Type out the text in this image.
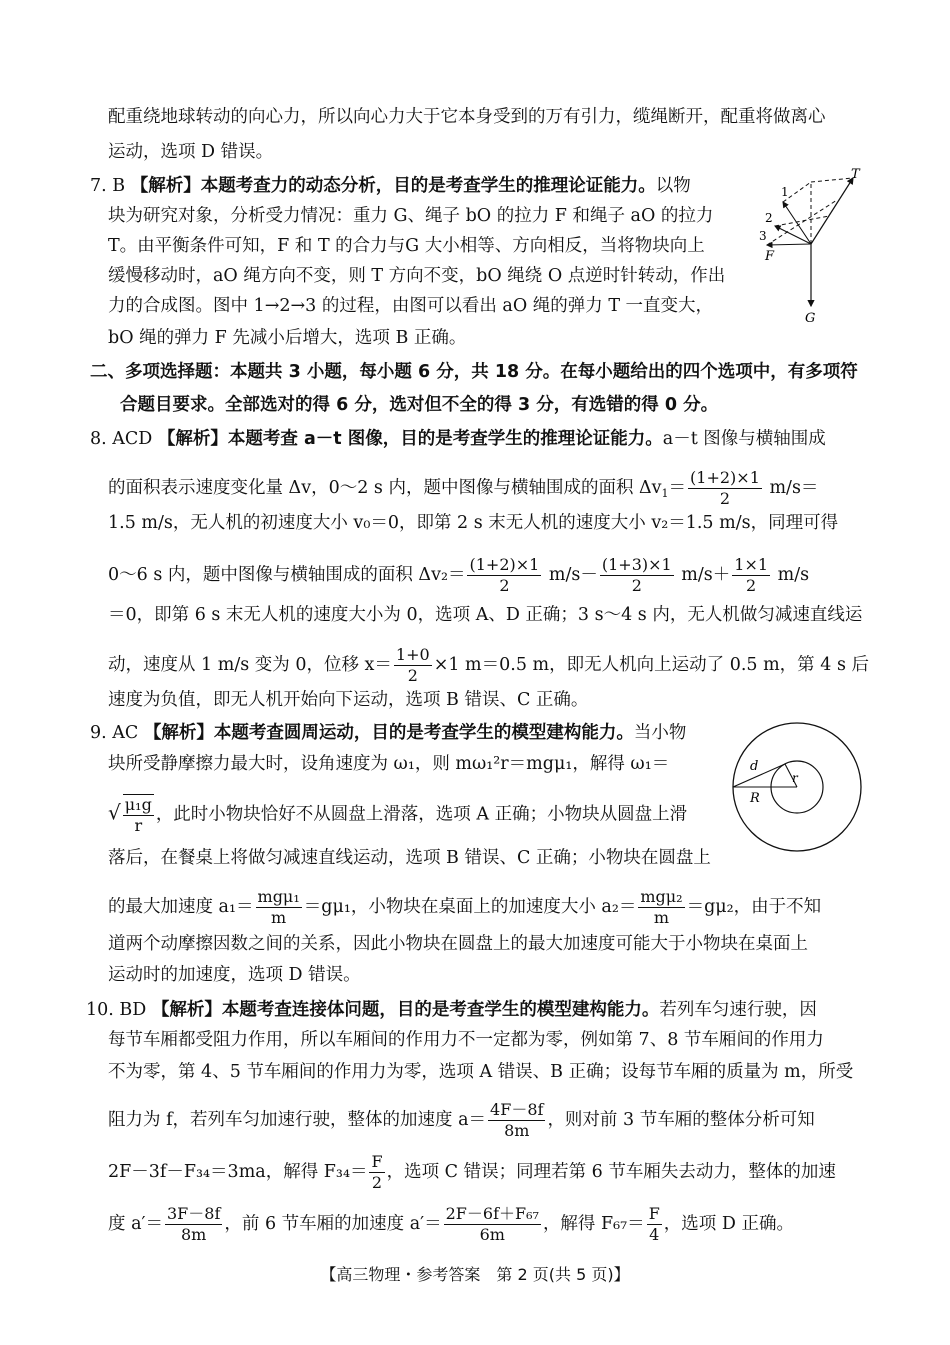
配重绕地球转动的向心力，所以向心力大于它本身受到的万有引力，缆绳断开，配重将做离心
运动，选项 D 错误。
7. B 【解析】本题考查力的动态分析，目的是考查学生的推理论证能力。以物
块为研究对象，分析受力情况：重力 G、绳子 bO 的拉力 F 和绳子 aO 的拉力
T。由平衡条件可知，F 和 T 的合力与G 大小相等、方向相反，当将物块向上
缓慢移动时，aO 绳方向不变，则 T 方向不变，bO 绳绕 O 点逆时针转动，作出
力的合成图。图中 1→2→3 的过程，由图可以看出 aO 绳的弹力 T 一直变大，
bO 绳的弹力 F 先减小后增大，选项 B 正确。
T
F
G
1
2
3
二、多项选择题：本题共 3 小题，每小题 6 分，共 18 分。在每小题给出的四个选项中，有多项符
合题目要求。全部选对的得 6 分，选对但不全的得 3 分，有选错的得 0 分。
8. ACD 【解析】本题考查 a－t 图像，目的是考查学生的推理论证能力。a－t 图像与横轴围成
的面积表示速度变化量 Δv，0～2 s 内，题中图像与横轴围成的面积 $\Delta v_1= \frac{(1+2)\times 1}{2} m/s=$
1.5 m/s，无人机的初速度大小 v₀＝0，即第 2 s 末无人机的速度大小 v₂＝1.5 m/s，同理可得
0～6 s 内，题中图像与横轴围成的面积 $\Delta v_2= \frac{(1+2)\times 1}{2} m/s- \frac{(1+3)\times 1}{2} m/s+ \frac{1\times 1}{2} m/s$
＝0，即第 6 s 末无人机的速度大小为 0，选项 A、D 正确；3 s～4 s 内，无人机做匀减速直线运
动，速度从 1 m/s 变为 0，位移 $x= \frac{1+0}{2} \times 1$ m＝0.5 m，即无人机向上运动了 0.5 m，第 4 s 后
速度为负值，即无人机开始向下运动，选项 B 错误、C 正确。
9. AC 【解析】本题考查圆周运动，目的是考查学生的模型建构能力。当小物
块所受静摩擦力最大时，设角速度为 ω₁，则 mω₁²r＝mgμ₁，解得 ω₁＝
√ $\frac{\text{μ₁g}}{r}$ ，此时小物块恰好不从圆盘上滑落，选项 A 正确；小物块从圆盘上滑
落后，在餐桌上将做匀减速直线运动，选项 B 错误、C 正确；小物块在圆盘上
的最大加速度 $a_1= \frac{\text{mgμ₁}}{m} =g\mu_1$，小物块在桌面上的加速度大小 $a_2= \frac{\text{mgμ₂}}{m} =g\mu_2$，由于不知
道两个动摩擦因数之间的关系，因此小物块在圆盘上的最大加速度可能大于小物块在桌面上
运动时的加速度，选项 D 错误。
d
r
R
10. BD 【解析】本题考查连接体问题，目的是考查学生的模型建构能力。若列车匀速行驶，因
每节车厢都受阻力作用，所以车厢间的作用力不一定都为零，例如第 7、8 节车厢间的作用力
不为零，第 4、5 节车厢间的作用力为零，选项 A 错误、B 正确；设每节车厢的质量为 m，所受
阻力为 f，若列车匀加速行驶，整体的加速度 $a= \frac{4F-8f}{8m}$ ，则对前 3 节车厢的整体分析可知
2F－3f－F₃₄＝3ma，解得 $F_{34}= \frac{F}{2}$ ，选项 C 错误；同理若第 6 节车厢失去动力，整体的加速
度 $a'= \frac{3F-8f}{8m}$ ，前 6 节车厢的加速度 $a'= \frac{\text{2F－6f＋F₆₇}}{6m}$ ，解得 $F_{67}= \frac{F}{4}$ ，选项 D 正确。
【高三物理・参考答案　第 2 页(共 5 页)】
